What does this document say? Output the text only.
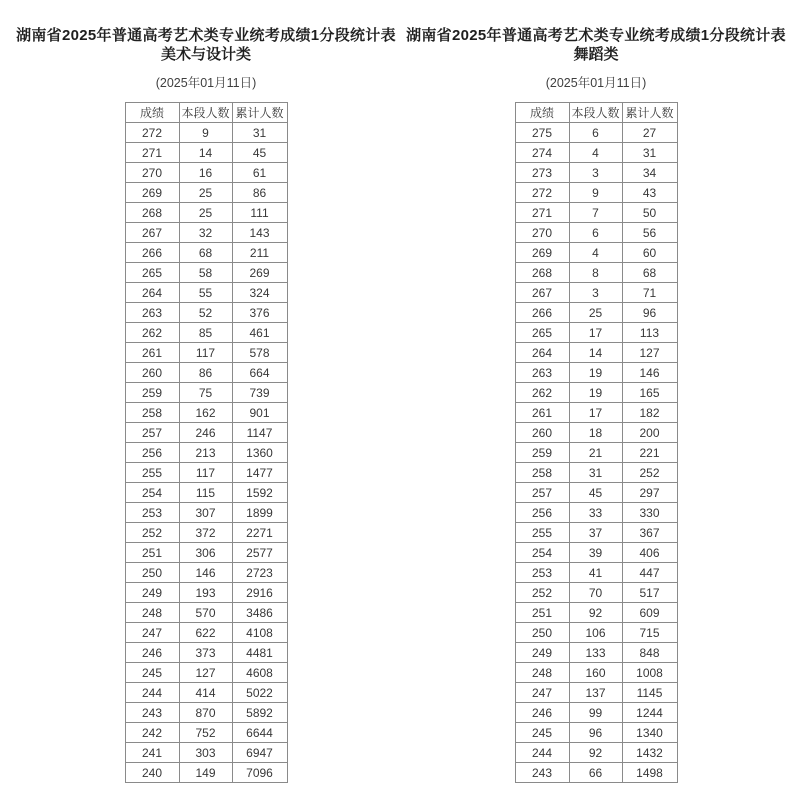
湖南省2025年普通高考艺术类专业统考成绩1分段统计表
美术与设计类
(2025年01月11日)
成绩	本段人数	累计人数
272	9	31
271	14	45
270	16	61
269	25	86
268	25	111
267	32	143
266	68	211
265	58	269
264	55	324
263	52	376
262	85	461
261	117	578
260	86	664
259	75	739
258	162	901
257	246	1147
256	213	1360
255	117	1477
254	115	1592
253	307	1899
252	372	2271
251	306	2577
250	146	2723
249	193	2916
248	570	3486
247	622	4108
246	373	4481
245	127	4608
244	414	5022
243	870	5892
242	752	6644
241	303	6947
240	149	7096
湖南省2025年普通高考艺术类专业统考成绩1分段统计表
舞蹈类
(2025年01月11日)
成绩	本段人数	累计人数
275	6	27
274	4	31
273	3	34
272	9	43
271	7	50
270	6	56
269	4	60
268	8	68
267	3	71
266	25	96
265	17	113
264	14	127
263	19	146
262	19	165
261	17	182
260	18	200
259	21	221
258	31	252
257	45	297
256	33	330
255	37	367
254	39	406
253	41	447
252	70	517
251	92	609
250	106	715
249	133	848
248	160	1008
247	137	1145
246	99	1244
245	96	1340
244	92	1432
243	66	1498
